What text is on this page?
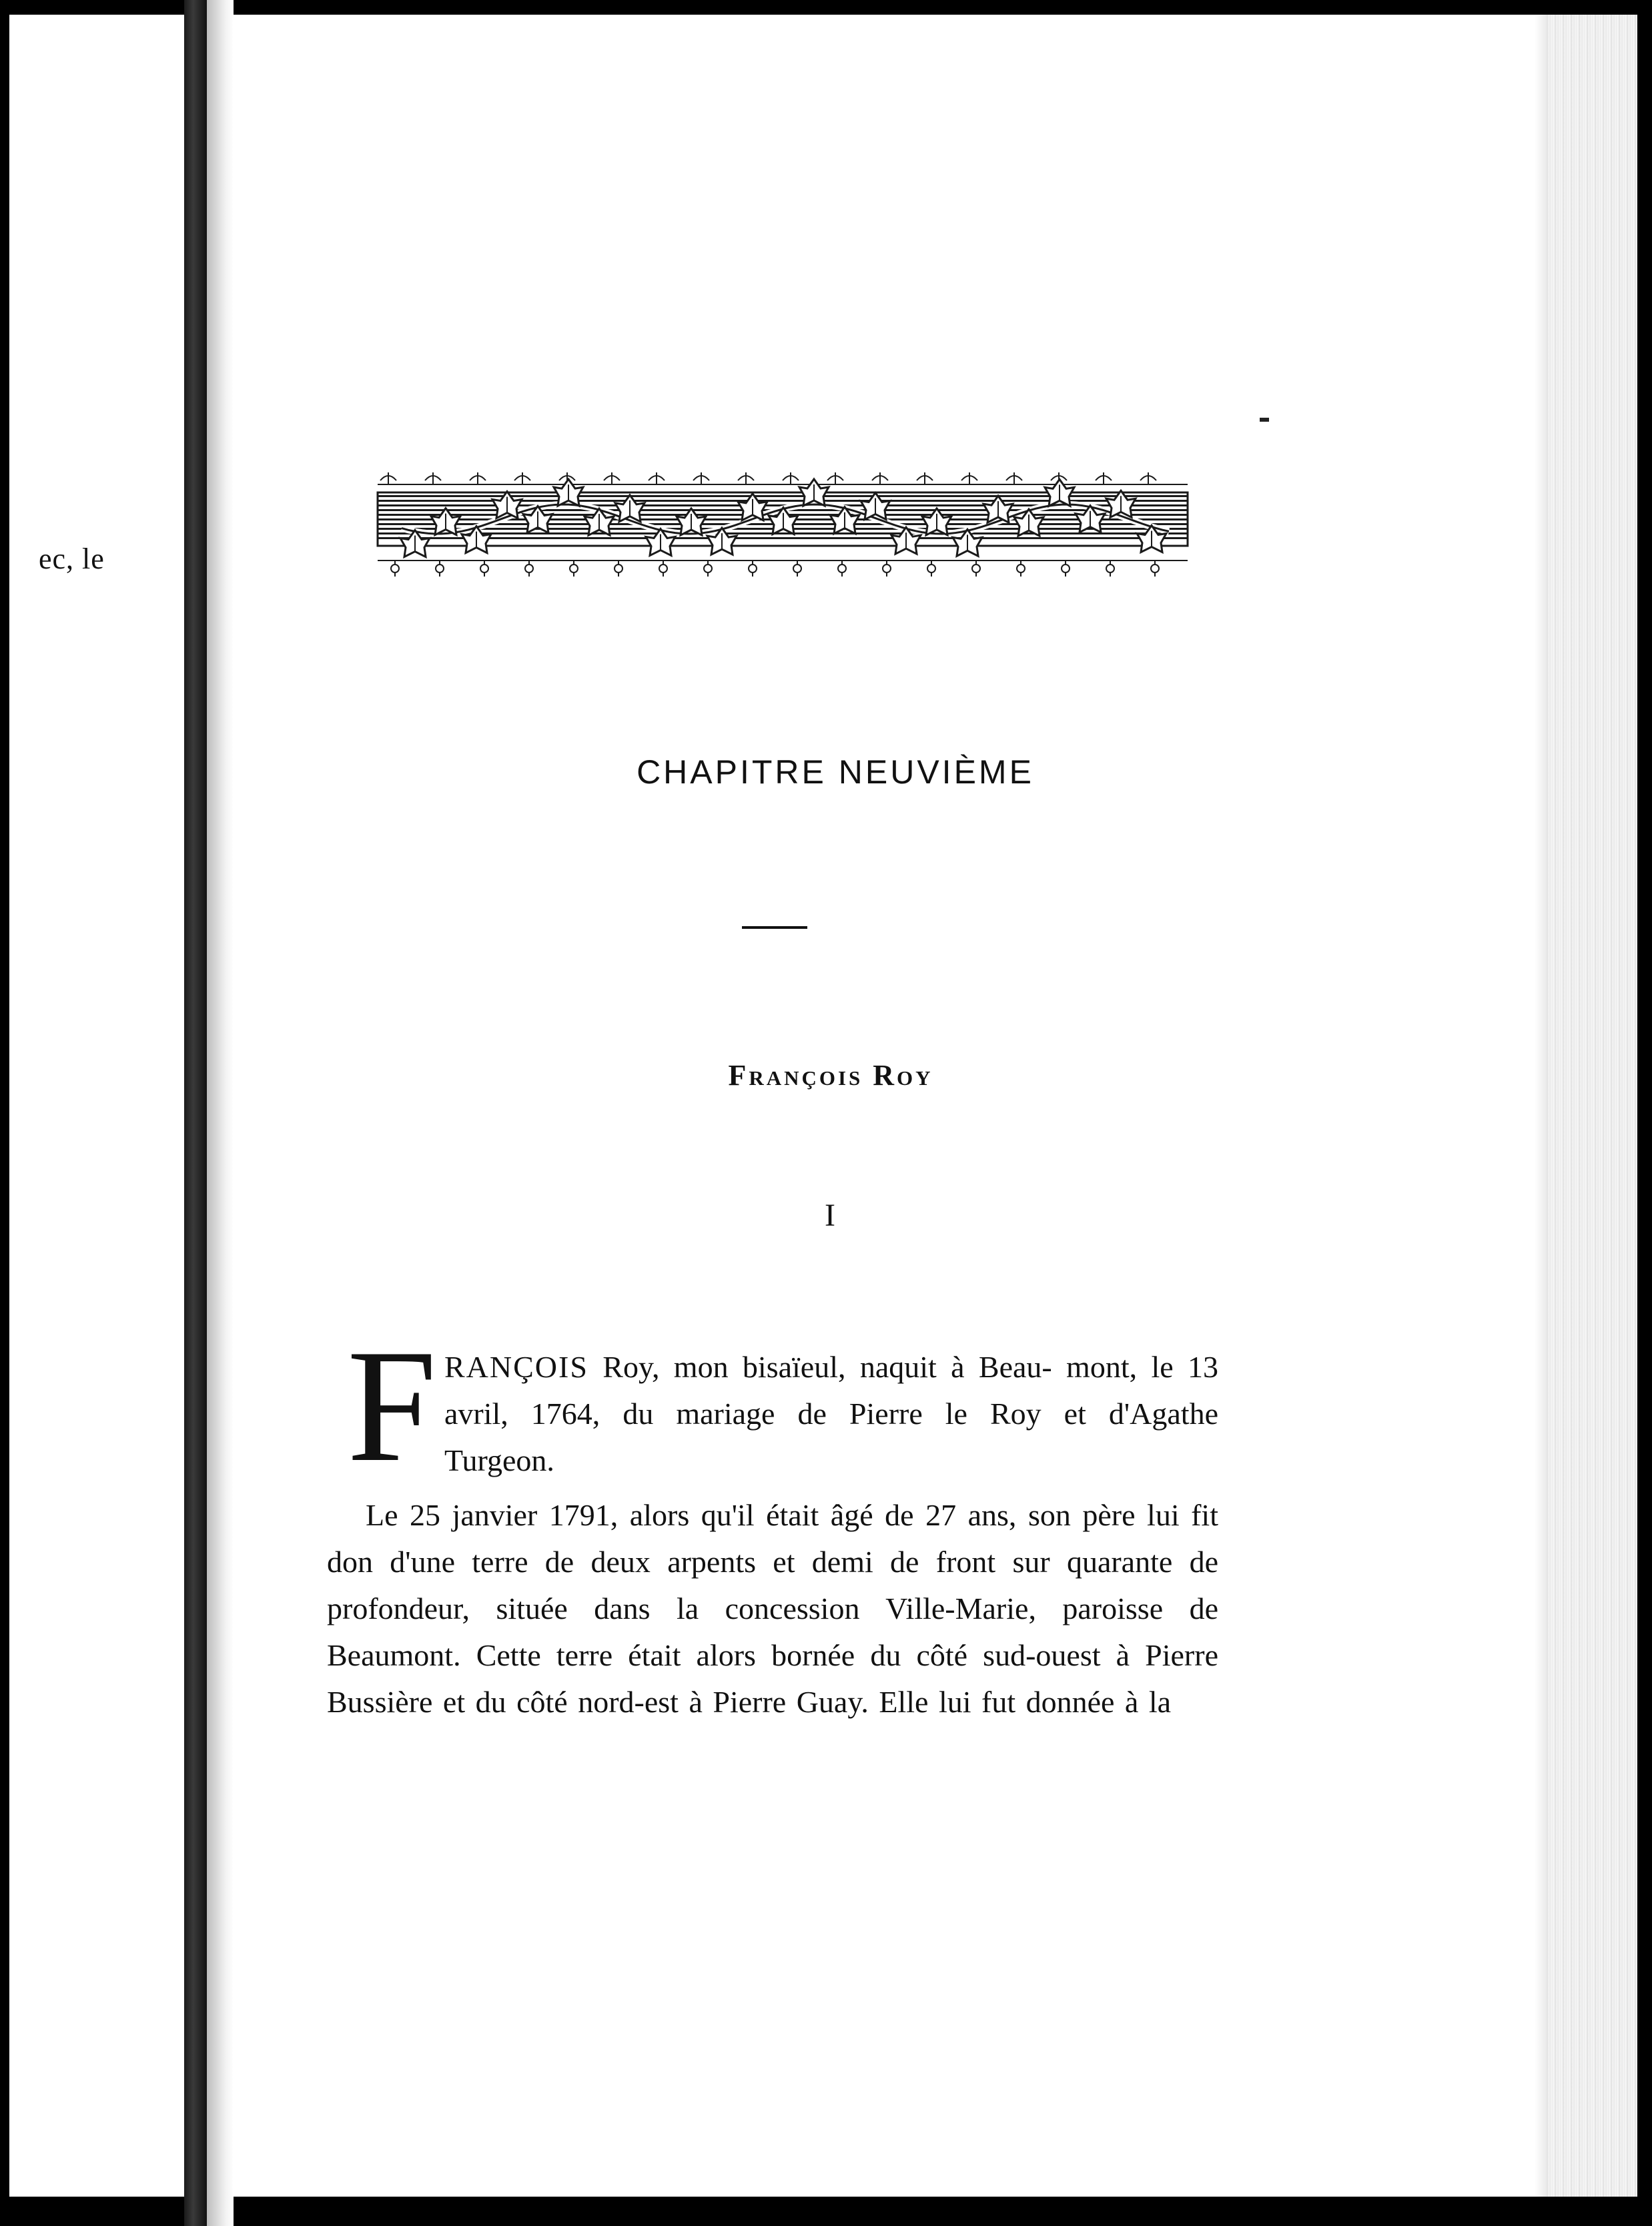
ec, le
CHAPITRE NEUVIÈME
François Roy
I
F RANÇOIS Roy, mon bisaïeul, naquit à Beau- mont, le 13 avril, 1764, du mariage de Pierre le Roy et d'Agathe Turgeon.
Le 25 janvier 1791, alors qu'il était âgé de 27 ans, son père lui fit don d'une terre de deux arpents et demi de front sur quarante de profondeur, située dans la concession Ville-Marie, paroisse de Beaumont. Cette terre était alors bornée du côté sud-ouest à Pierre Bussière et du côté nord-est à Pierre Guay. Elle lui fut donnée à la
